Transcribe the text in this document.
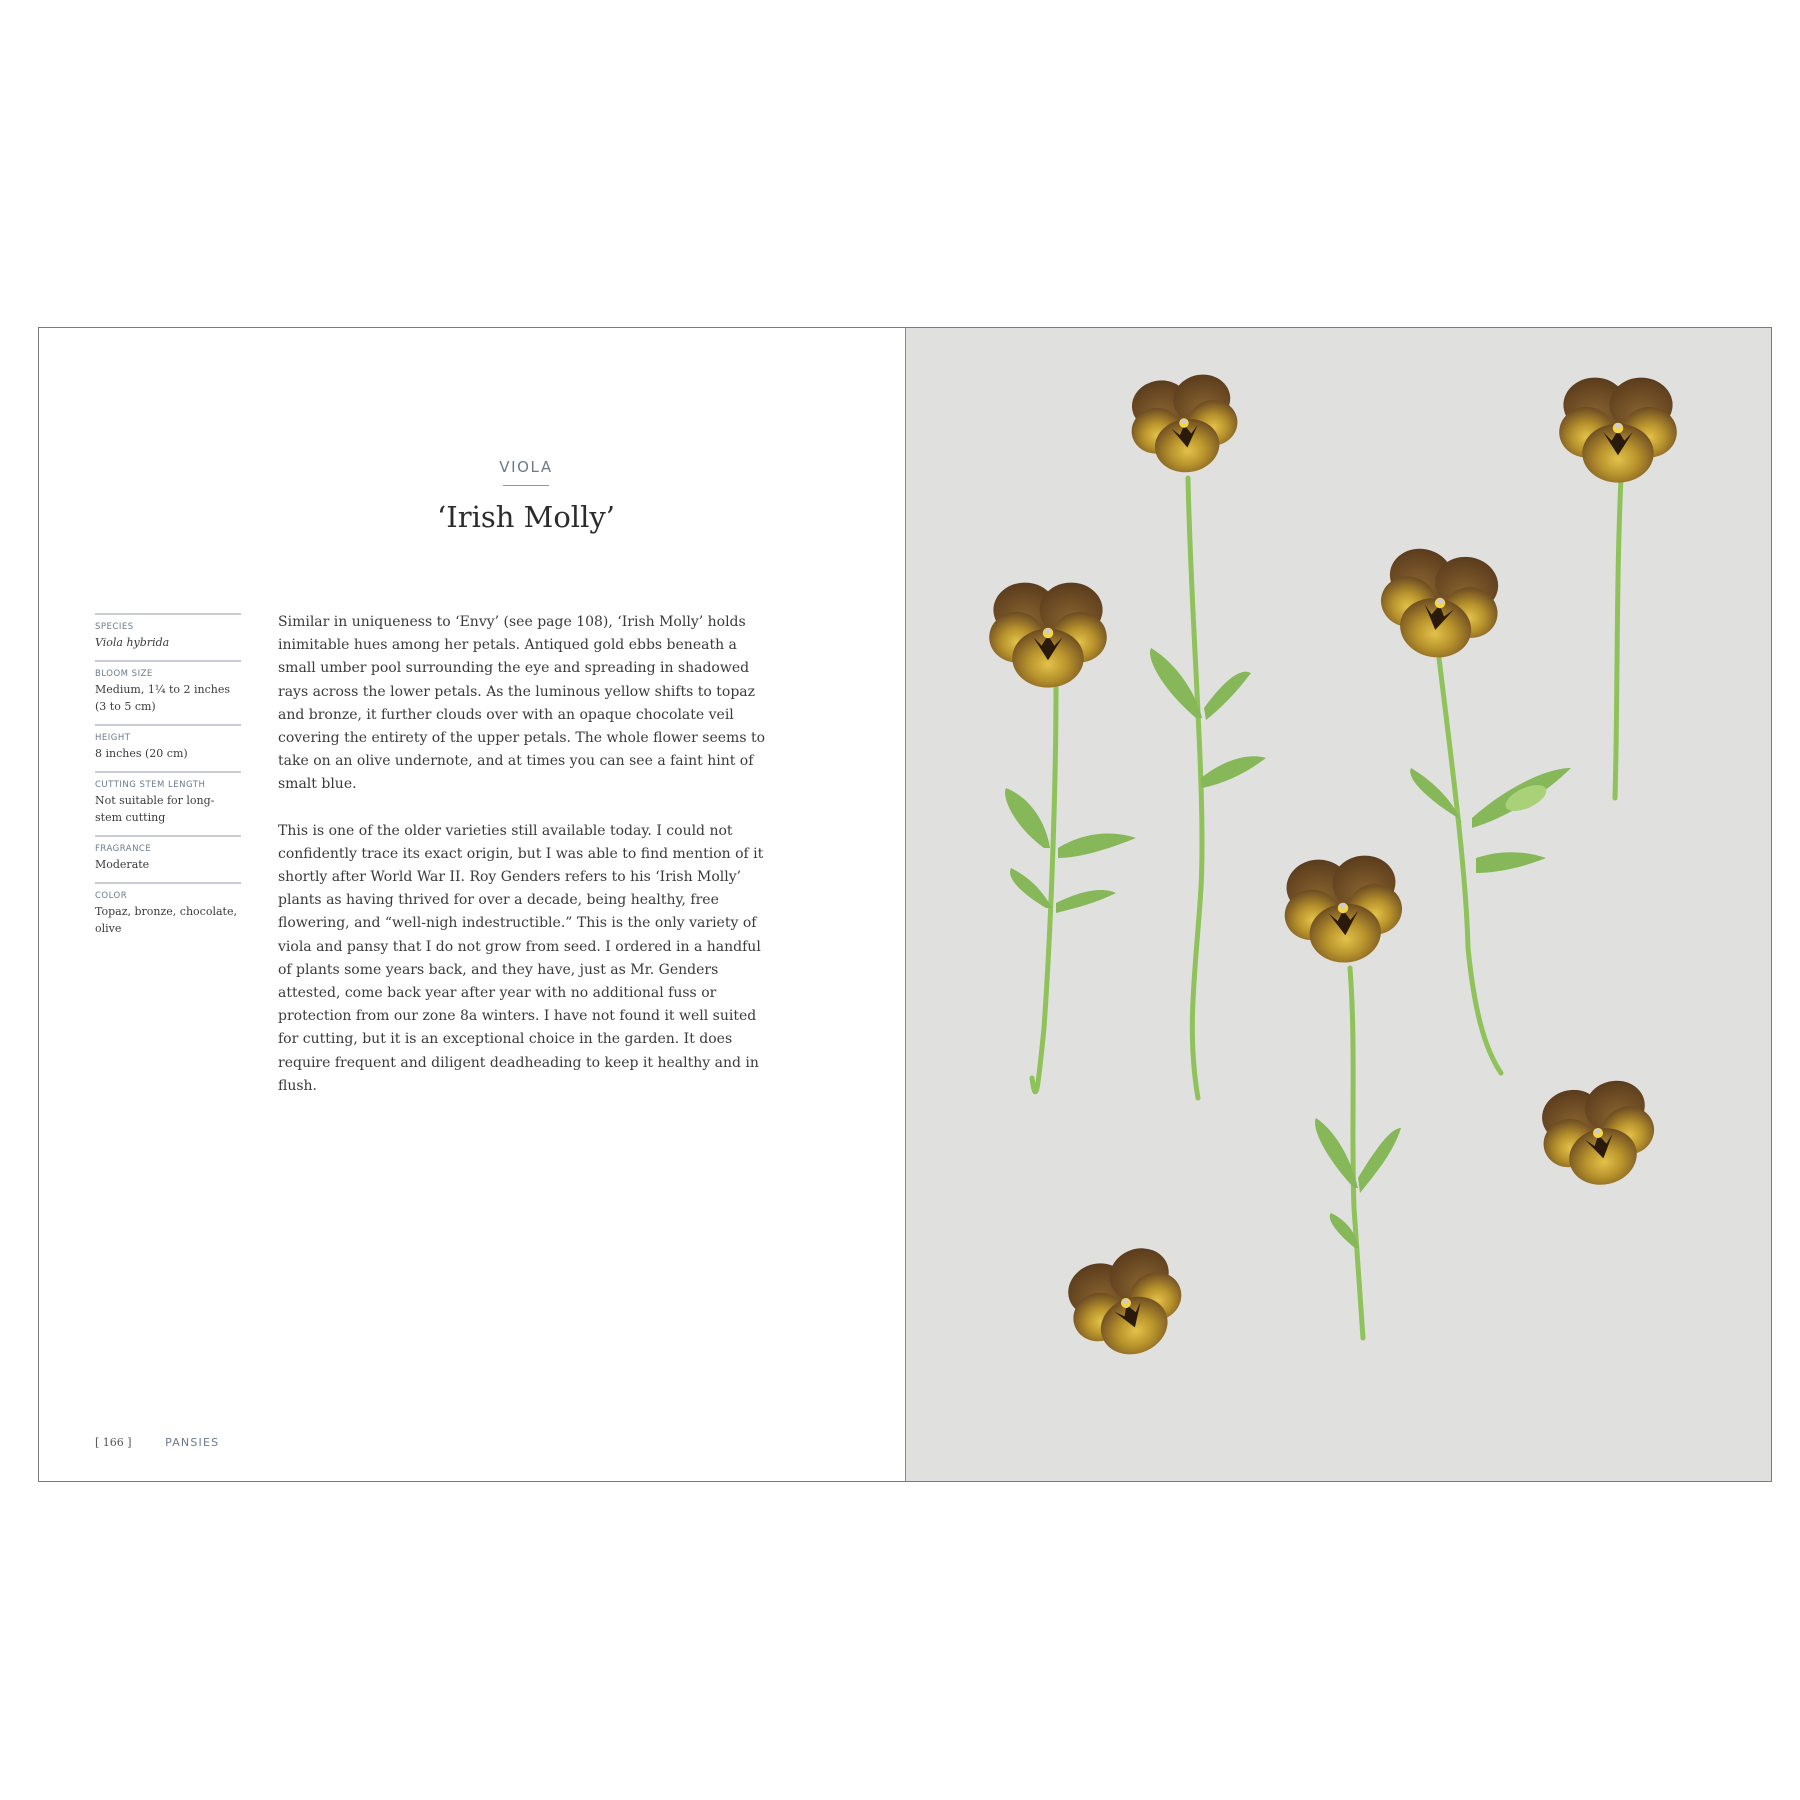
VIOLA
‘Irish Molly’
SPECIES
Viola hybrida
BLOOM SIZE
Medium, 1¼ to 2 inches (3 to 5 cm)
HEIGHT
8 inches (20 cm)
CUTTING STEM LENGTH
Not suitable for long-stem cutting
FRAGRANCE
Moderate
COLOR
Topaz, bronze, chocolate, olive

Similar in uniqueness to ‘Envy’ (see page 108), ‘Irish Molly’ holds inimitable hues among her petals. Antiqued gold ebbs beneath a small umber pool surrounding the eye and spreading in shadowed rays across the lower petals. As the luminous yellow shifts to topaz and bronze, it further clouds over with an opaque chocolate veil covering the entirety of the upper petals. The whole flower seems to take on an olive undernote, and at times you can see a faint hint of smalt blue.

This is one of the older varieties still available today. I could not confidently trace its exact origin, but I was able to find mention of it shortly after World War II. Roy Genders refers to his ‘Irish Molly’ plants as having thrived for over a decade, being healthy, free flowering, and “well-nigh indestructible.” This is the only variety of viola and pansy that I do not grow from seed. I ordered in a handful of plants some years back, and they have, just as Mr. Genders attested, come back year after year with no additional fuss or protection from our zone 8a winters. I have not found it well suited for cutting, but it is an exceptional choice in the garden. It does require frequent and diligent deadheading to keep it healthy and in flush.

[ 166 ]	PANSIES
